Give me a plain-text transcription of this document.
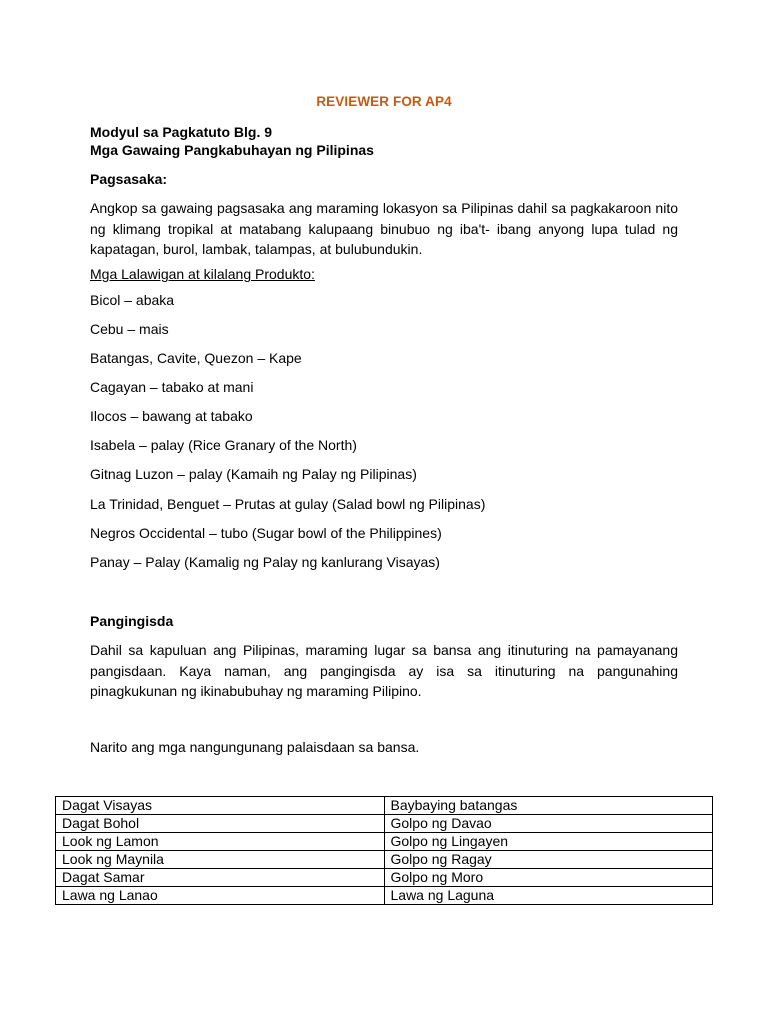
REVIEWER FOR AP4
Modyul sa Pagkatuto Blg. 9
Mga Gawaing Pangkabuhayan ng Pilipinas
Pagsasaka:
Angkop sa gawaing pagsasaka ang maraming lokasyon sa Pilipinas dahil sa pagkakaroon nito ng klimang tropikal at matabang kalupaang binubuo ng iba't- ibang anyong lupa tulad ng kapatagan, burol, lambak, talampas, at bulubundukin.
Mga Lalawigan at kilalang Produkto:
Bicol – abaka
Cebu – mais
Batangas, Cavite, Quezon – Kape
Cagayan – tabako at mani
Ilocos – bawang at tabako
Isabela – palay (Rice Granary of the North)
Gitnag Luzon – palay (Kamaih ng Palay ng Pilipinas)
La Trinidad, Benguet – Prutas at gulay (Salad bowl ng Pilipinas)
Negros Occidental – tubo (Sugar bowl of the Philippines)
Panay – Palay (Kamalig ng Palay ng kanlurang Visayas)
Pangingisda
Dahil sa kapuluan ang Pilipinas, maraming lugar sa bansa ang itinuturing na pamayanang pangisdaan. Kaya naman, ang pangingisda ay isa sa itinuturing na pangunahing pinagkukunan ng ikinabubuhay ng maraming Pilipino.
Narito ang mga nangungunang palaisdaan sa bansa.
Dagat Visayas	Baybaying batangas
Dagat Bohol	Golpo ng Davao
Look ng Lamon	Golpo ng Lingayen
Look ng Maynila	Golpo ng Ragay
Dagat Samar	Golpo ng Moro
Lawa ng Lanao	Lawa ng Laguna
